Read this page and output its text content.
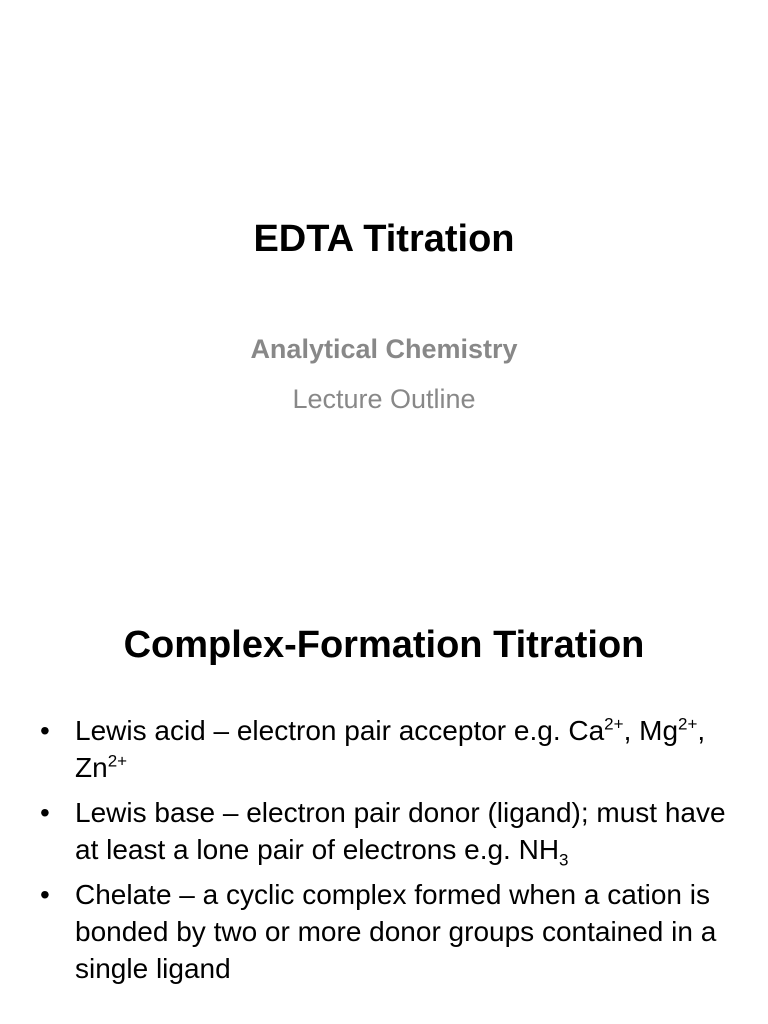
EDTA Titration
Analytical Chemistry
Lecture Outline
Complex-Formation Titration
• Lewis acid – electron pair acceptor e.g. $Ca^{2+}$, $Mg^{2+}$, $Zn^{2+}$
• Lewis base – electron pair donor (ligand); must have at least a lone pair of electrons e.g. $NH_3$
• Chelate – a cyclic complex formed when a cation is bonded by two or more donor groups contained in a single ligand
